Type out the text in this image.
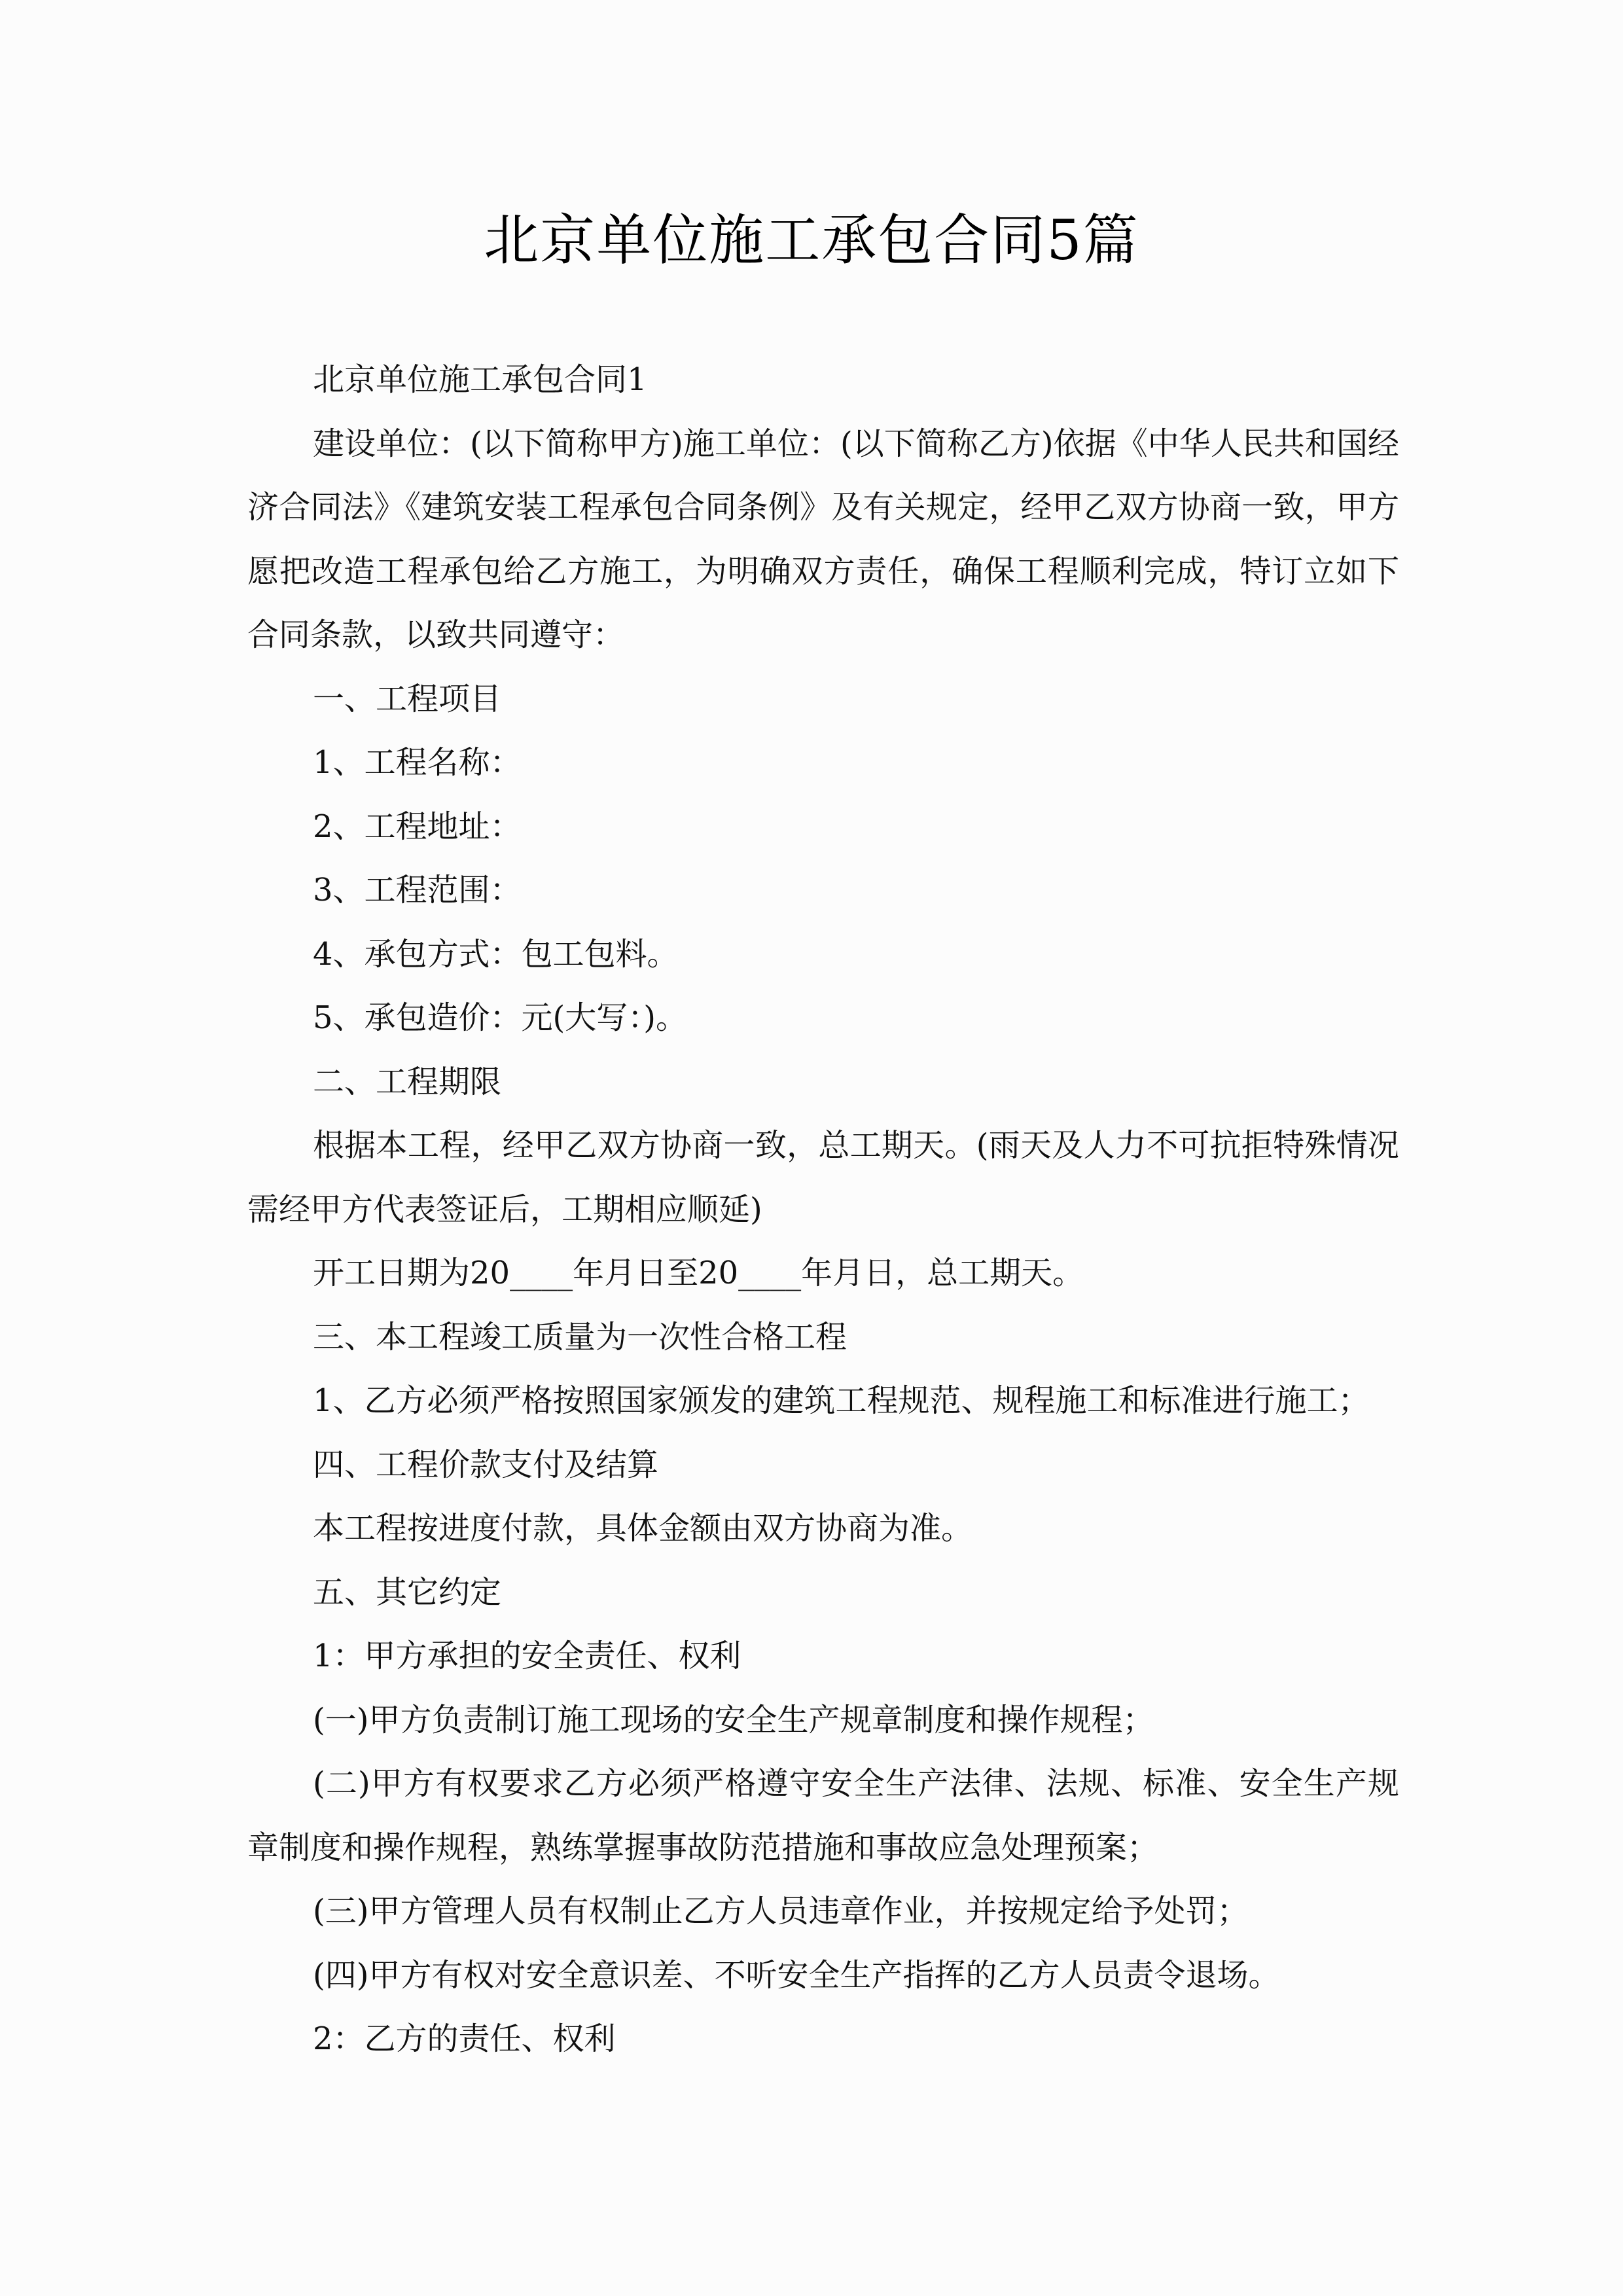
北京单位施工承包合同5篇

北京单位施工承包合同1

建设单位：(以下简称甲方)施工单位：(以下简称乙方)依据《中华人民共和国经济合同法》《建筑安装工程承包合同条例》及有关规定，经甲乙双方协商一致，甲方愿把改造工程承包给乙方施工，为明确双方责任，确保工程顺利完成，特订立如下合同条款，以致共同遵守：

一、工程项目

1、工程名称：

2、工程地址：

3、工程范围：

4、承包方式：包工包料。

5、承包造价：元(大写：)。

二、工程期限

根据本工程，经甲乙双方协商一致，总工期天。(雨天及人力不可抗拒特殊情况需经甲方代表签证后，工期相应顺延)

开工日期为20____年月日至20____年月日，总工期天。

三、本工程竣工质量为一次性合格工程

1、乙方必须严格按照国家颁发的建筑工程规范、规程施工和标准进行施工；

四、工程价款支付及结算

本工程按进度付款，具体金额由双方协商为准。

五、其它约定

1：甲方承担的安全责任、权利

(一)甲方负责制订施工现场的安全生产规章制度和操作规程；

(二)甲方有权要求乙方必须严格遵守安全生产法律、法规、标准、安全生产规章制度和操作规程，熟练掌握事故防范措施和事故应急处理预案；

(三)甲方管理人员有权制止乙方人员违章作业，并按规定给予处罚；

(四)甲方有权对安全意识差、不听安全生产指挥的乙方人员责令退场。

2：乙方的责任、权利
